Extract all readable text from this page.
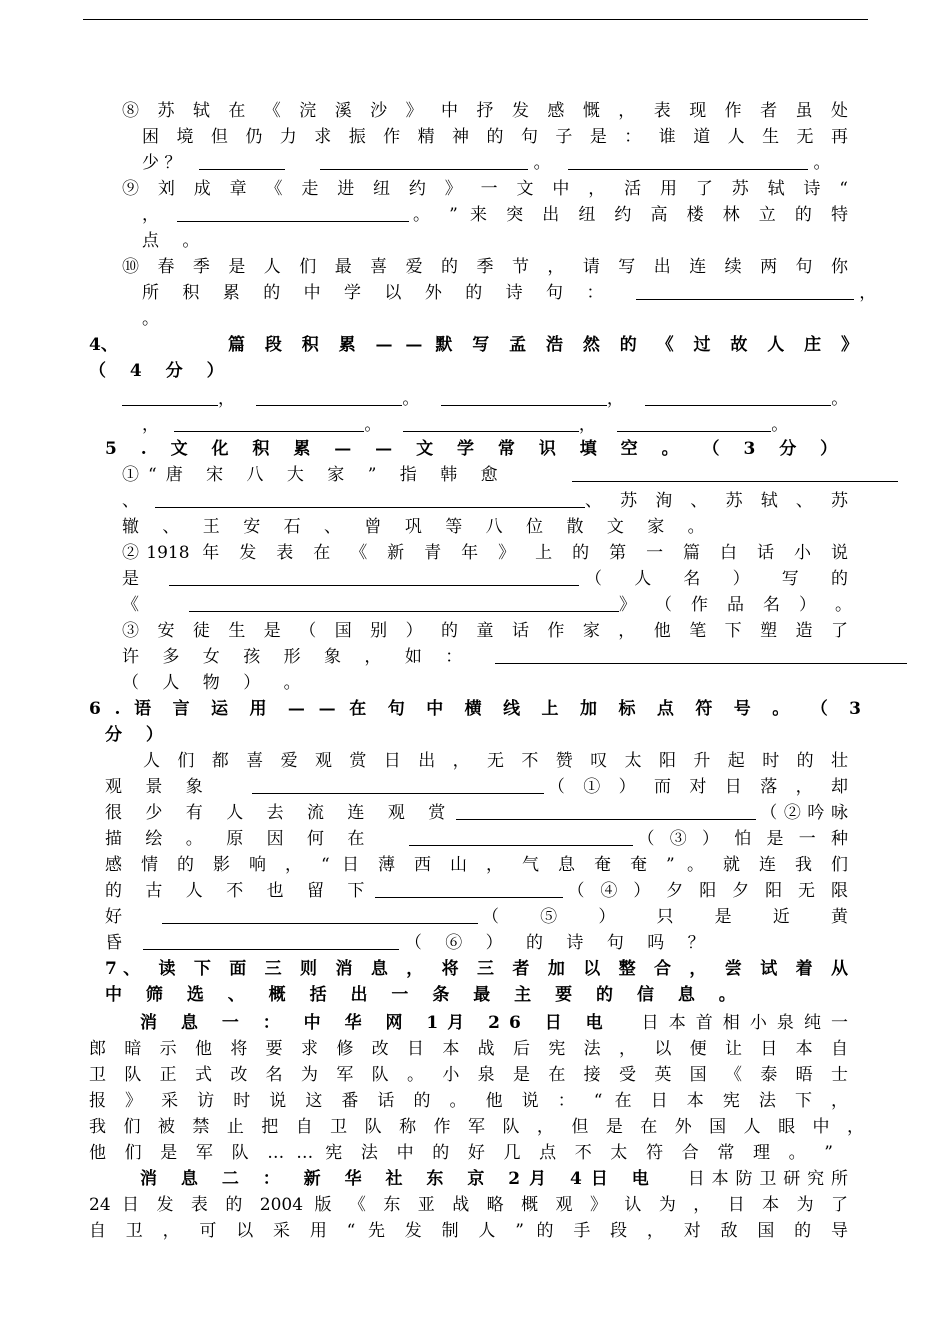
⑧ 苏 轼 在 《 浣 溪 沙 》 中 抒 发 感 慨 ， 表 现 作 者 虽 处
困 境 但 仍 力 求 振 作 精 神 的 句 子 是 ： 谁 道 人 生 无 再
少 ？	。	。
⑨ 刘 成 章 《 走 进 纽 约 》 一 文 中 ， 活 用 了 苏 轼 诗 “
，	。 ” 来 突 出 纽 约 高 楼 林 立 的 特
点 。
⑩ 春 季 是 人 们 最 喜 爱 的 季 节 ， 请 写 出 连 续 两 句 你
所 积 累 的 中 学 以 外 的 诗 句 ：	，
。
4、	篇 段 积 累 — — 默 写 孟 浩 然 的 《 过 故 人 庄 》
（ 4 分 ）
，	。	，	。
，	。	，	。
5 . 文 化 积 累 — — 文 学 常 识 填 空 。 （ 3 分 ）
①“唐 宋 八 大 家 ” 指 韩 愈
、	、 苏 洵 、 苏 轼 、 苏
辙 、 王 安 石 、 曾 巩 等 八 位 散 文 家 。
②1918 年 发 表 在 《 新 青 年 》 上 的 第 一 篇 白 话 小 说
是	（ 人 名 ） 写 的
《	》 （ 作 品 名 ） 。
③ 安 徒 生 是 （ 国 别 ） 的 童 话 作 家 ， 他 笔 下 塑 造 了
许 多 女 孩 形 象 ， 如 ：
（ 人 物 ） 。
6 . 语 言 运 用 — — 在 句 中 横 线 上 加 标 点 符 号 。 （ 3
分 ）
人 们 都 喜 爱 观 赏 日 出 ， 无 不 赞 叹 太 阳 升 起 时 的 壮
观 景 象	（ ① ） 而 对 日 落 ， 却
很 少 有 人 去 流 连 观 赏	（ ② 吟 咏
描 绘 。 原 因 何 在	（ ③ ） 怕 是 一 种
感 情 的 影 响 ， “ 日 薄 西 山 ， 气 息 奄 奄 ” 。 就 连 我 们
的 古 人 不 也 留 下	（ ④ ） 夕 阳 夕 阳 无 限
好	（ ⑤ ） 只 是 近 黄
昏	（ ⑥ ） 的 诗 句 吗 ？
7、 读 下 面 三 则 消 息 ， 将 三 者 加 以 整 合 ， 尝 试 着 从
中 筛 选 、 概 括 出 一 条 最 主 要 的 信 息 。
消 息 一 ： 中 华 网 1月 26 日 电 日 本 首 相 小 泉 纯 一
郎 暗 示 他 将 要 求 修 改 日 本 战 后 宪 法 ， 以 便 让 日 本 自
卫 队 正 式 改 名 为 军 队 。 小 泉 是 在 接 受 英 国 《 泰 晤 士
报 》 采 访 时 说 这 番 话 的 。 他 说 ： “ 在 日 本 宪 法 下 ，
我 们 被 禁 止 把 自 卫 队 称 作 军 队 ， 但 是 在 外 国 人 眼 中 ，
他 们 是 军 队 … … 宪 法 中 的 好 几 点 不 太 符 合 常 理 。 ”
消 息 二 ： 新 华 社 东 京 2月 4日 电 日 本 防 卫 研 究 所
24 日 发 表 的 2004 版 《 东 亚 战 略 概 观 》 认 为 ， 日 本 为 了
自 卫 ， 可 以 采 用 “ 先 发 制 人 ” 的 手 段 ， 对 敌 国 的 导
